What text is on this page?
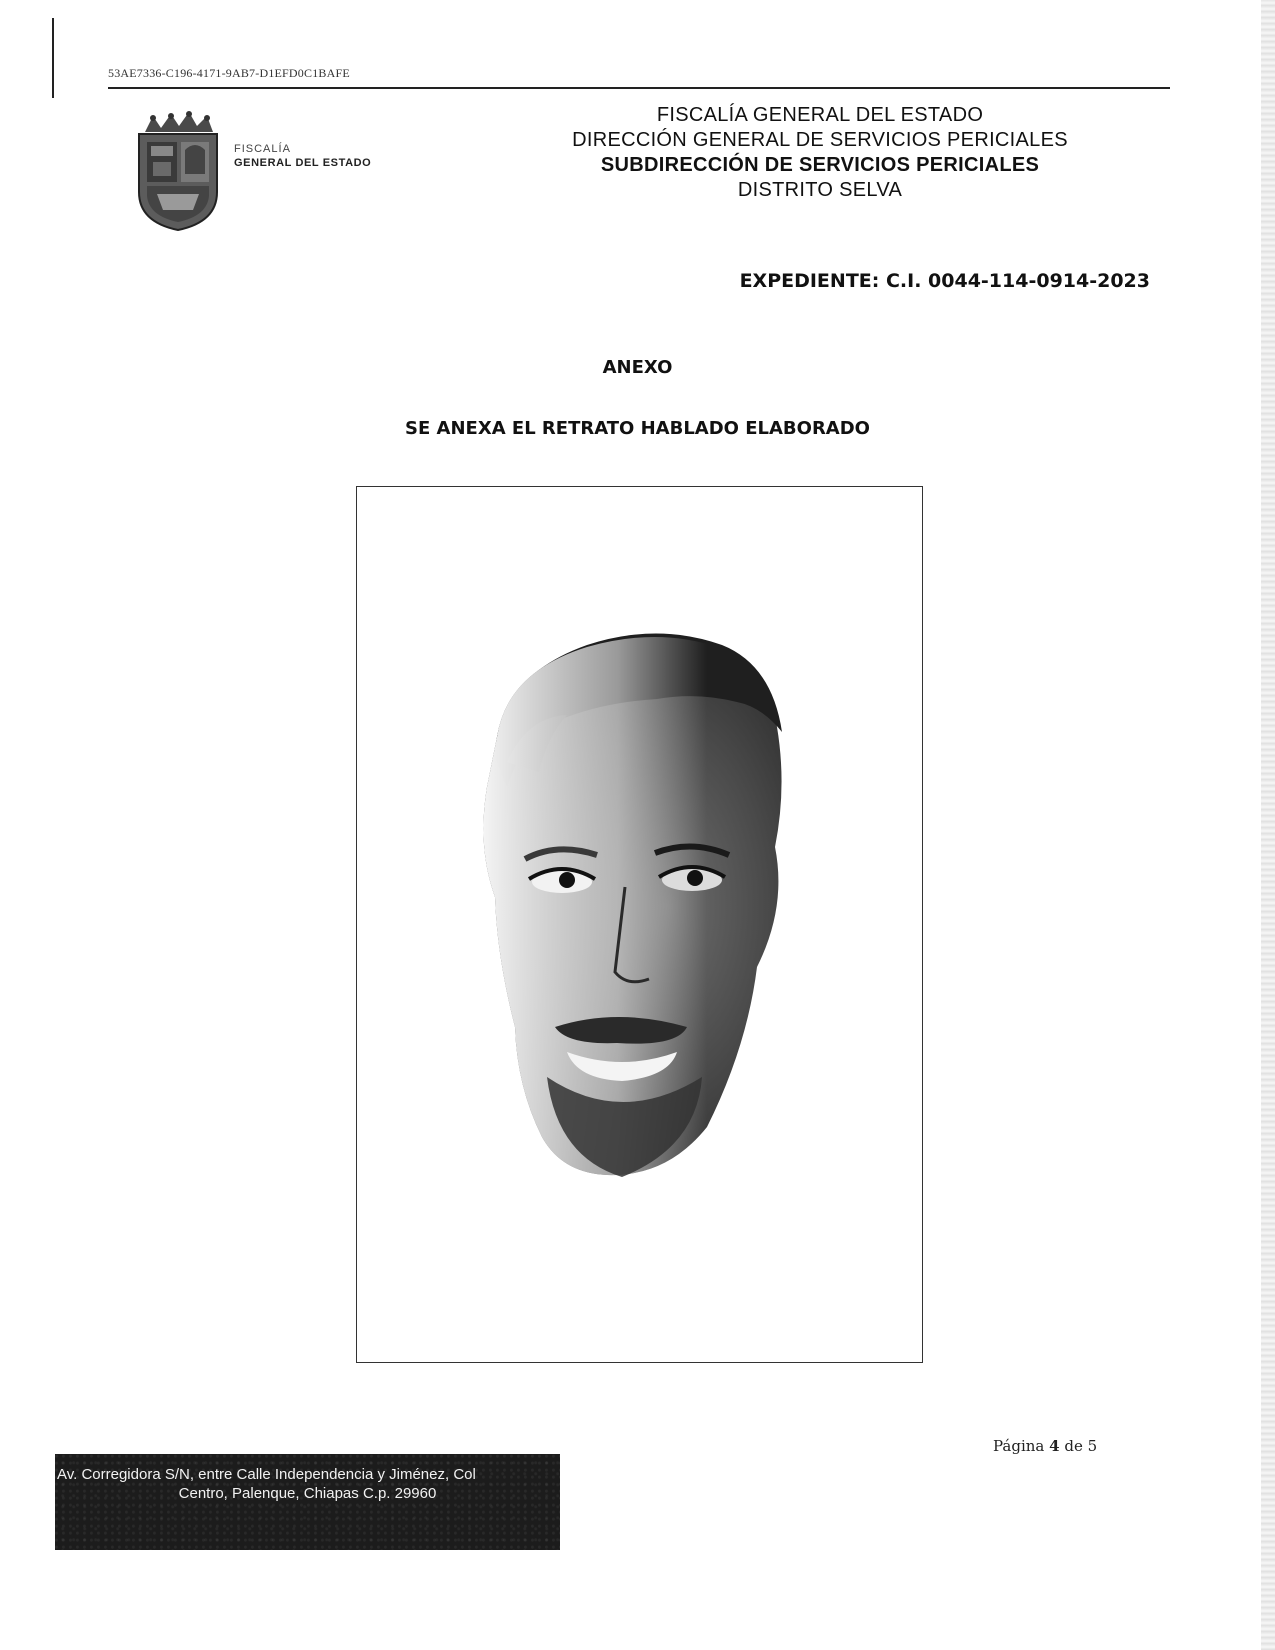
53AE7336-C196-4171-9AB7-D1EFD0C1BAFE
FISCALÍA
GENERAL DEL ESTADO
FISCALÍA GENERAL DEL ESTADO
DIRECCIÓN GENERAL DE SERVICIOS PERICIALES
SUBDIRECCIÓN DE SERVICIOS PERICIALES
DISTRITO SELVA
EXPEDIENTE: C.I. 0044-114-0914-2023
ANEXO
SE ANEXA EL RETRATO HABLADO ELABORADO
Página 4 de 5
Av. Corregidora S/N, entre Calle Independencia y Jiménez, Col
Centro, Palenque, Chiapas C.p. 29960
